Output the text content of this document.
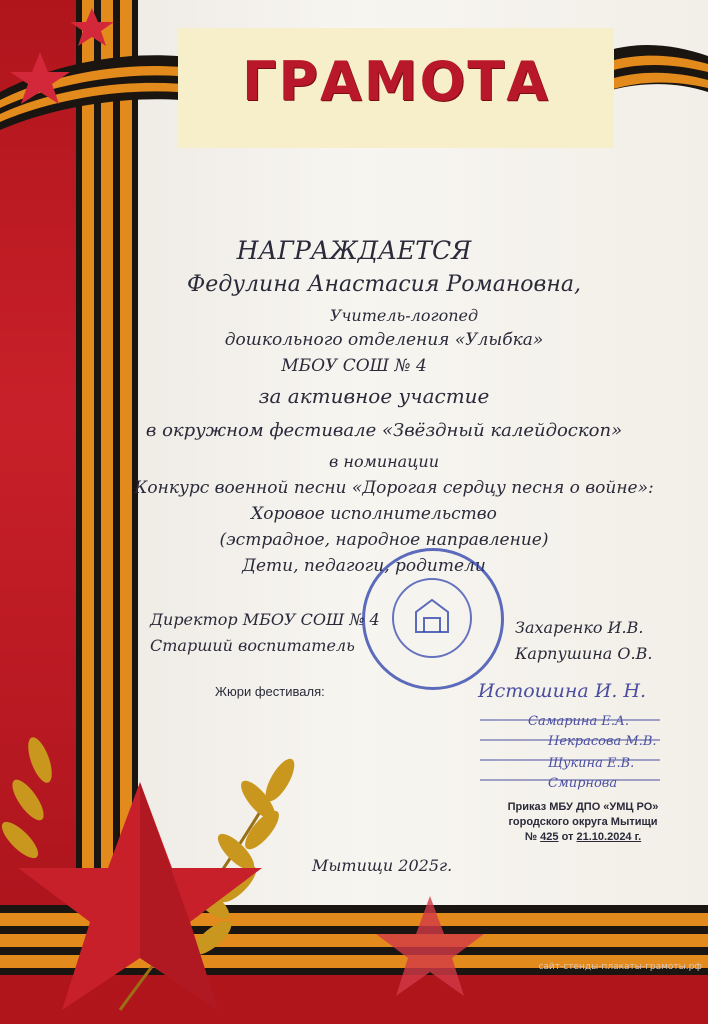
ГРАМОТА
НАГРАЖДАЕТСЯ
Федулина Анастасия Романовна,
Учитель-логопед
дошкольного отделения «Улыбка»
МБОУ СОШ № 4
за активное участие
в окружном фестивале «Звёздный калейдоскоп»
в номинации
Конкурс военной песни «Дорогая сердцу песня о войне»:
Хоровое исполнительство
(эстрадное, народное направление)
Дети, педагоги, родители
Директор МБОУ СОШ № 4	Захаренко И.В.
Старший воспитатель	Карпушина О.В.
Жюри фестиваля:	Истошина И. Н.
Самарина Е.А.
Некрасова М.В.
Щукина Е.В.
Смирнова
Приказ МБУ ДПО «УМЦ РО»
городского округа Мытищи
№ 425 от 21.10.2024 г.
Мытищи 2025г.
сайт-стенды-плакаты-грамоты.рф
